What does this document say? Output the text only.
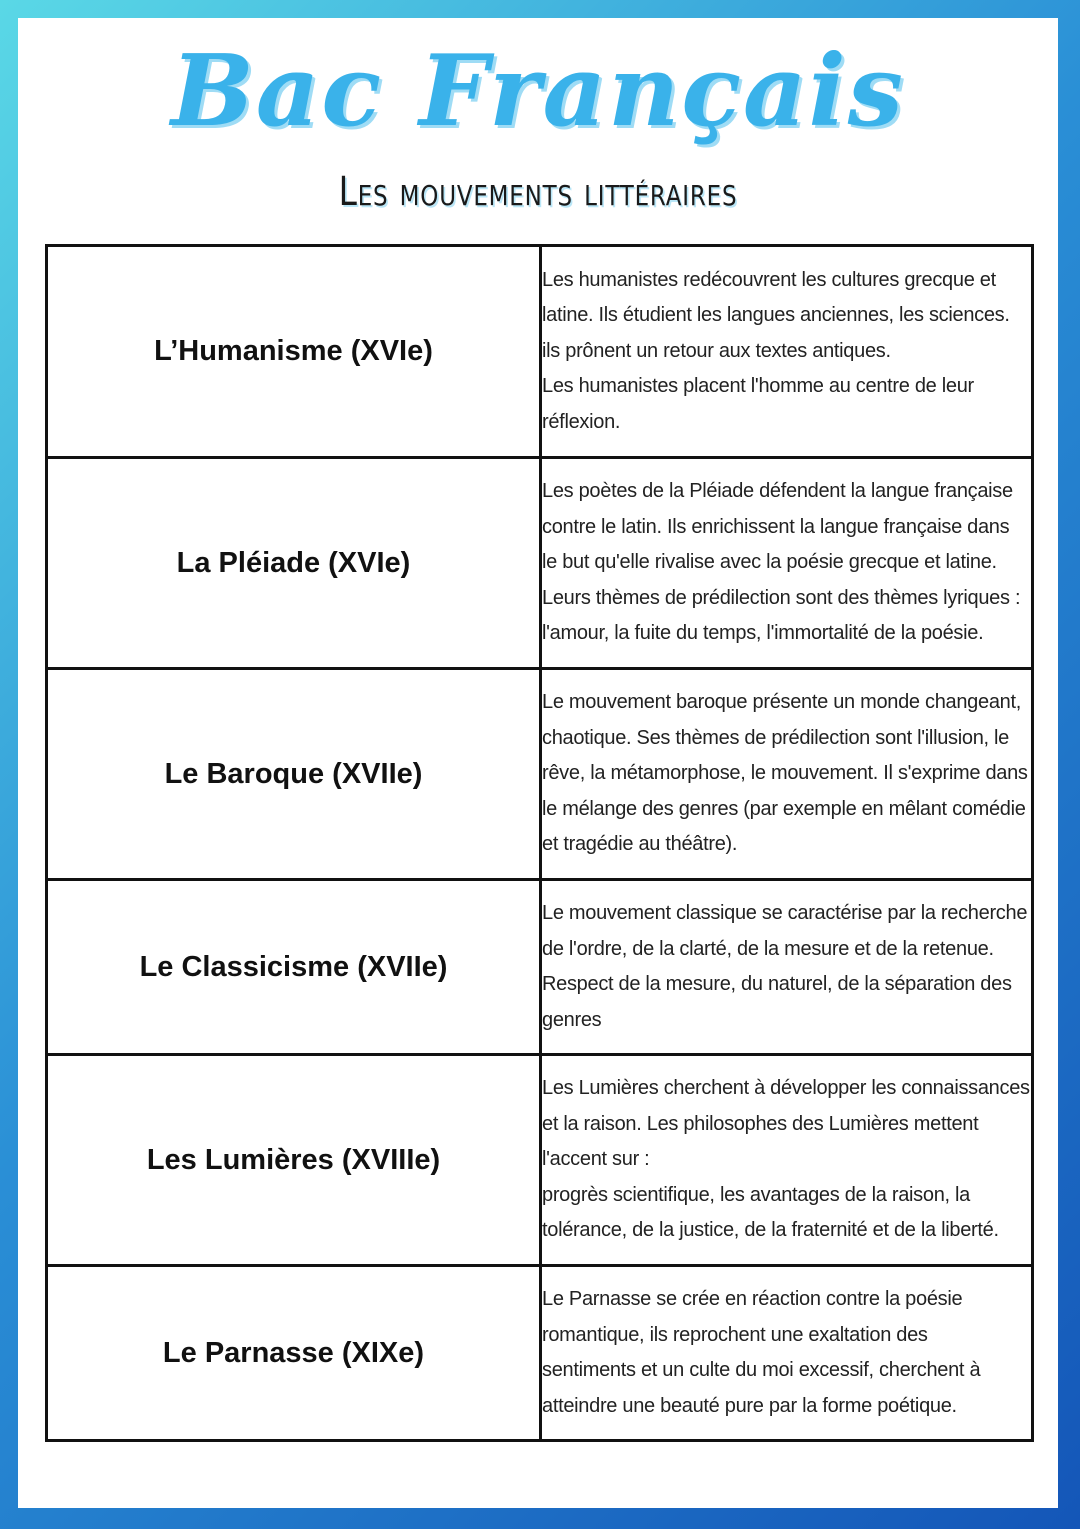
Bac Français
Les mouvements littéraires
L’Humanisme (XVIe)	Les humanistes redécouvrent les cultures grecque et
latine. Ils étudient les langues anciennes, les sciences.
ils prônent un retour aux textes antiques.
Les humanistes placent l'homme au centre de leur
réflexion.

La Pléiade (XVIe)	Les poètes de la Pléiade défendent la langue française
contre le latin. Ils enrichissent la langue française dans
le but qu'elle rivalise avec la poésie grecque et latine.
Leurs thèmes de prédilection sont des thèmes lyriques :
l'amour, la fuite du temps, l'immortalité de la poésie.

Le Baroque (XVIIe)	Le mouvement baroque présente un monde changeant,
chaotique. Ses thèmes de prédilection sont l'illusion, le
rêve, la métamorphose, le mouvement. Il s'exprime dans
le mélange des genres (par exemple en mêlant comédie
et tragédie au théâtre).

Le Classicisme (XVIIe)	Le mouvement classique se caractérise par la recherche
de l'ordre, de la clarté, de la mesure et de la retenue.
Respect de la mesure, du naturel, de la séparation des
genres

Les Lumières (XVIIIe)	Les Lumières cherchent à développer les connaissances
et la raison. Les philosophes des Lumières mettent
l'accent sur :
progrès scientifique, les avantages de la raison, la
tolérance, de la justice, de la fraternité et de la liberté.

Le Parnasse (XIXe)	Le Parnasse se crée en réaction contre la poésie
romantique, ils reprochent une exaltation des
sentiments et un culte du moi excessif, cherchent à
atteindre une beauté pure par la forme poétique.
